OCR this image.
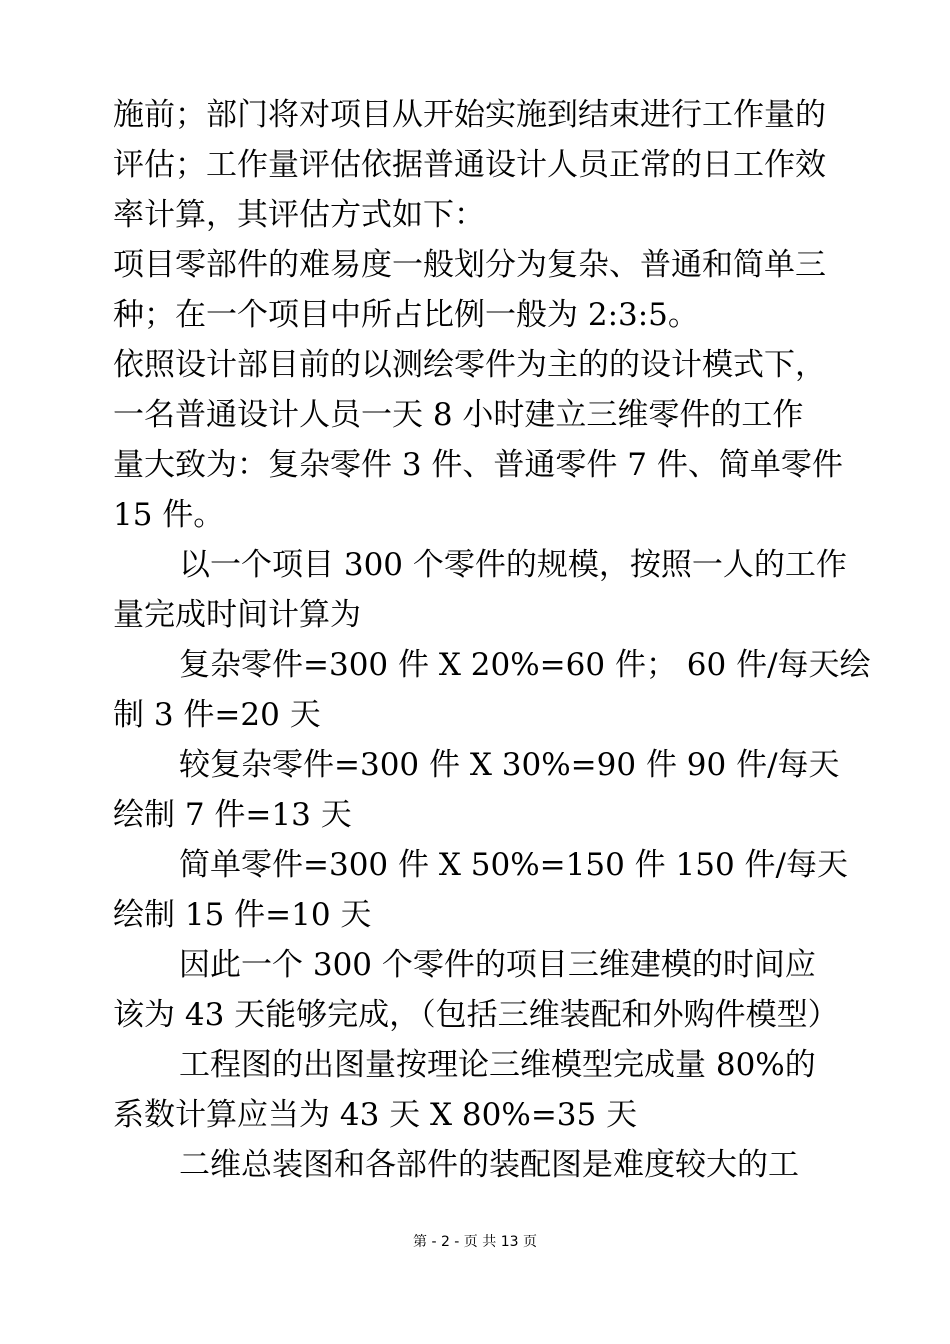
施前；部门将对项目从开始实施到结束进行工作量的
评估；工作量评估依据普通设计人员正常的日工作效
率计算，其评估方式如下：
项目零部件的难易度一般划分为复杂、普通和简单三
种；在一个项目中所占比例一般为 2:3:5。
依照设计部目前的以测绘零件为主的的设计模式下，
一名普通设计人员一天 8 小时建立三维零件的工作
量大致为：复杂零件 3 件、普通零件 7 件、简单零件
15 件。
以一个项目 300 个零件的规模，按照一人的工作
量完成时间计算为
复杂零件=300 件 X 20%=60 件； 60 件/每天绘
制 3 件=20 天
较复杂零件=300 件 X 30%=90 件 90 件/每天
绘制 7 件=13 天
简单零件=300 件 X 50%=150 件 150 件/每天
绘制 15 件=10 天
因此一个 300 个零件的项目三维建模的时间应
该为 43 天能够完成，（包括三维装配和外购件模型）
工程图的出图量按理论三维模型完成量 80%的
系数计算应当为 43 天 X 80%=35 天
二维总装图和各部件的装配图是难度较大的工
第 - 2 - 页 共 13 页
